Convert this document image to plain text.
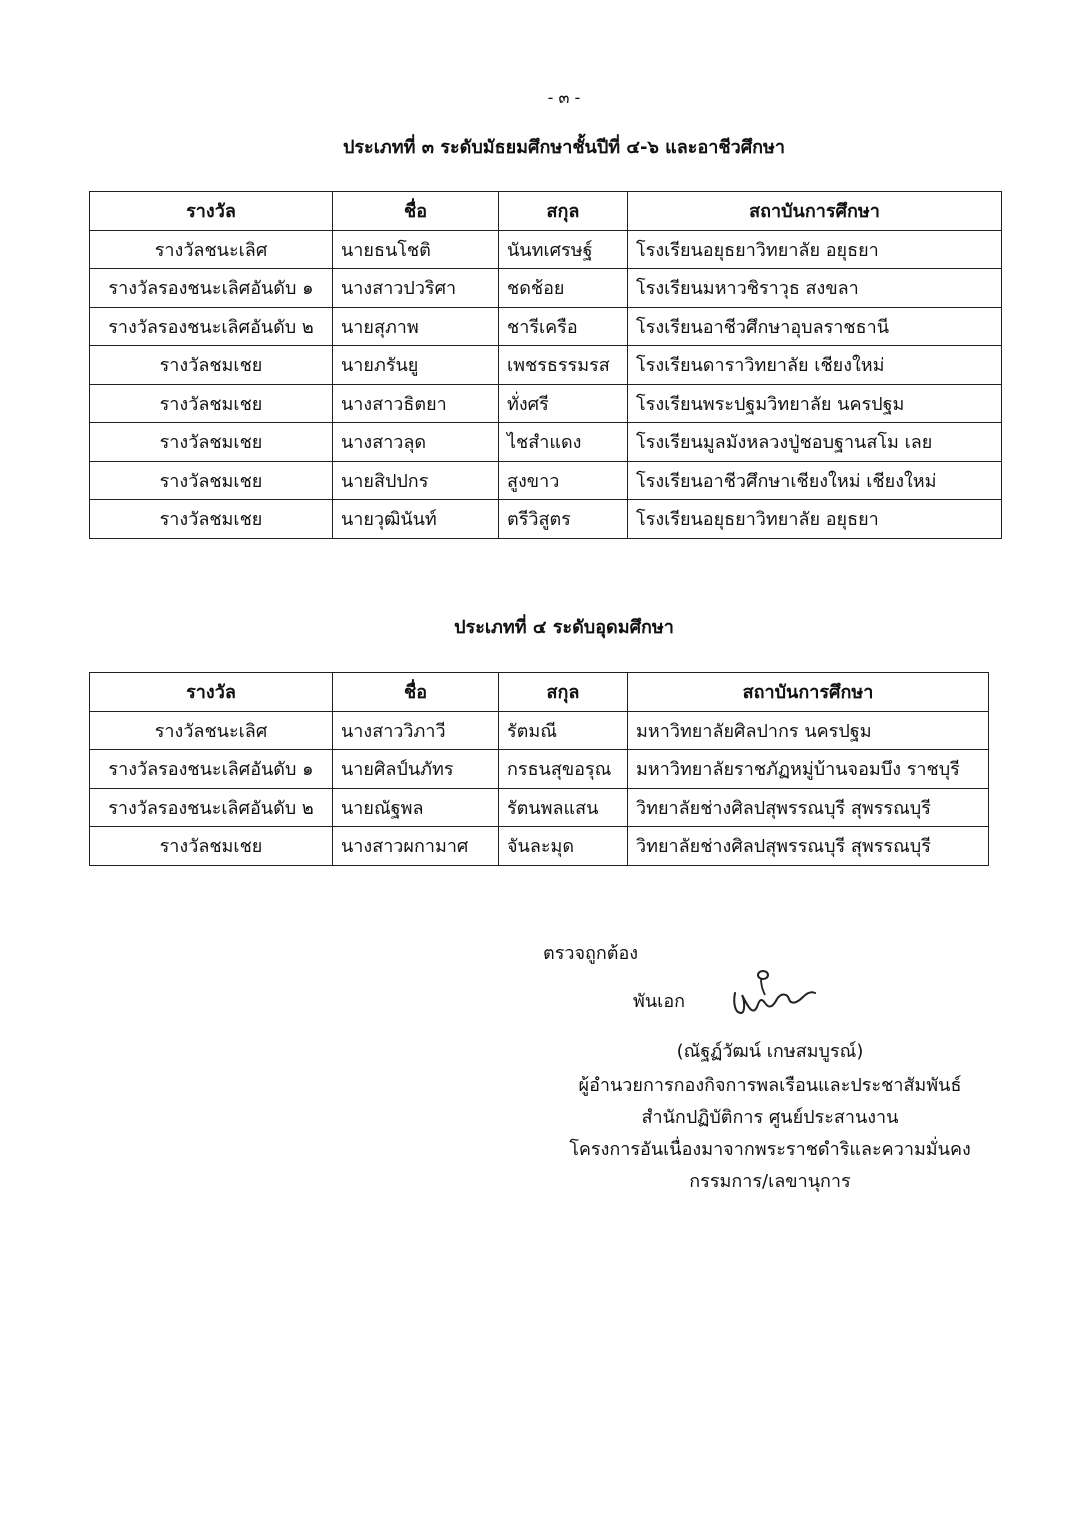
- ๓ -
ประเภทที่ ๓ ระดับมัธยมศึกษาชั้นปีที่ ๔-๖ และอาชีวศึกษา
รางวัล	ชื่อ	สกุล	สถาบันการศึกษา
รางวัลชนะเลิศ	นายธนโชติ	นันทเศรษฐ์	โรงเรียนอยุธยาวิทยาลัย อยุธยา
รางวัลรองชนะเลิศอันดับ ๑	นางสาวปวริศา	ชดช้อย	โรงเรียนมหาวชิราวุธ สงขลา
รางวัลรองชนะเลิศอันดับ ๒	นายสุภาพ	ชารีเครือ	โรงเรียนอาชีวศึกษาอุบลราชธานี
รางวัลชมเชย	นายภรันยู	เพชรธรรมรส	โรงเรียนดาราวิทยาลัย เชียงใหม่
รางวัลชมเชย	นางสาวธิตยา	ทั่งศรี	โรงเรียนพระปฐมวิทยาลัย นครปฐม
รางวัลชมเชย	นางสาวลุด	ไชสำแดง	โรงเรียนมูลมังหลวงปู่ชอบฐานสโม เลย
รางวัลชมเชย	นายสิปปกร	สูงขาว	โรงเรียนอาชีวศึกษาเชียงใหม่ เชียงใหม่
รางวัลชมเชย	นายวุฒินันท์	ตรีวิสูตร	โรงเรียนอยุธยาวิทยาลัย อยุธยา
ประเภทที่ ๔ ระดับอุดมศึกษา
รางวัล	ชื่อ	สกุล	สถาบันการศึกษา
รางวัลชนะเลิศ	นางสาววิภาวี	รัตมณี	มหาวิทยาลัยศิลปากร นครปฐม
รางวัลรองชนะเลิศอันดับ ๑	นายศิลป์นภัทร	กรธนสุขอรุณ	มหาวิทยาลัยราชภัฏหมู่บ้านจอมบึง ราชบุรี
รางวัลรองชนะเลิศอันดับ ๒	นายณัฐพล	รัตนพลแสน	วิทยาลัยช่างศิลปสุพรรณบุรี สุพรรณบุรี
รางวัลชมเชย	นางสาวผกามาศ	จันละมุด	วิทยาลัยช่างศิลปสุพรรณบุรี สุพรรณบุรี
ตรวจถูกต้อง
พันเอก
(ณัฐฏ์วัฒน์ เกษสมบูรณ์)
ผู้อำนวยการกองกิจการพลเรือนและประชาสัมพันธ์
สำนักปฏิบัติการ ศูนย์ประสานงาน
โครงการอันเนื่องมาจากพระราชดำริและความมั่นคง
กรรมการ/เลขานุการ
